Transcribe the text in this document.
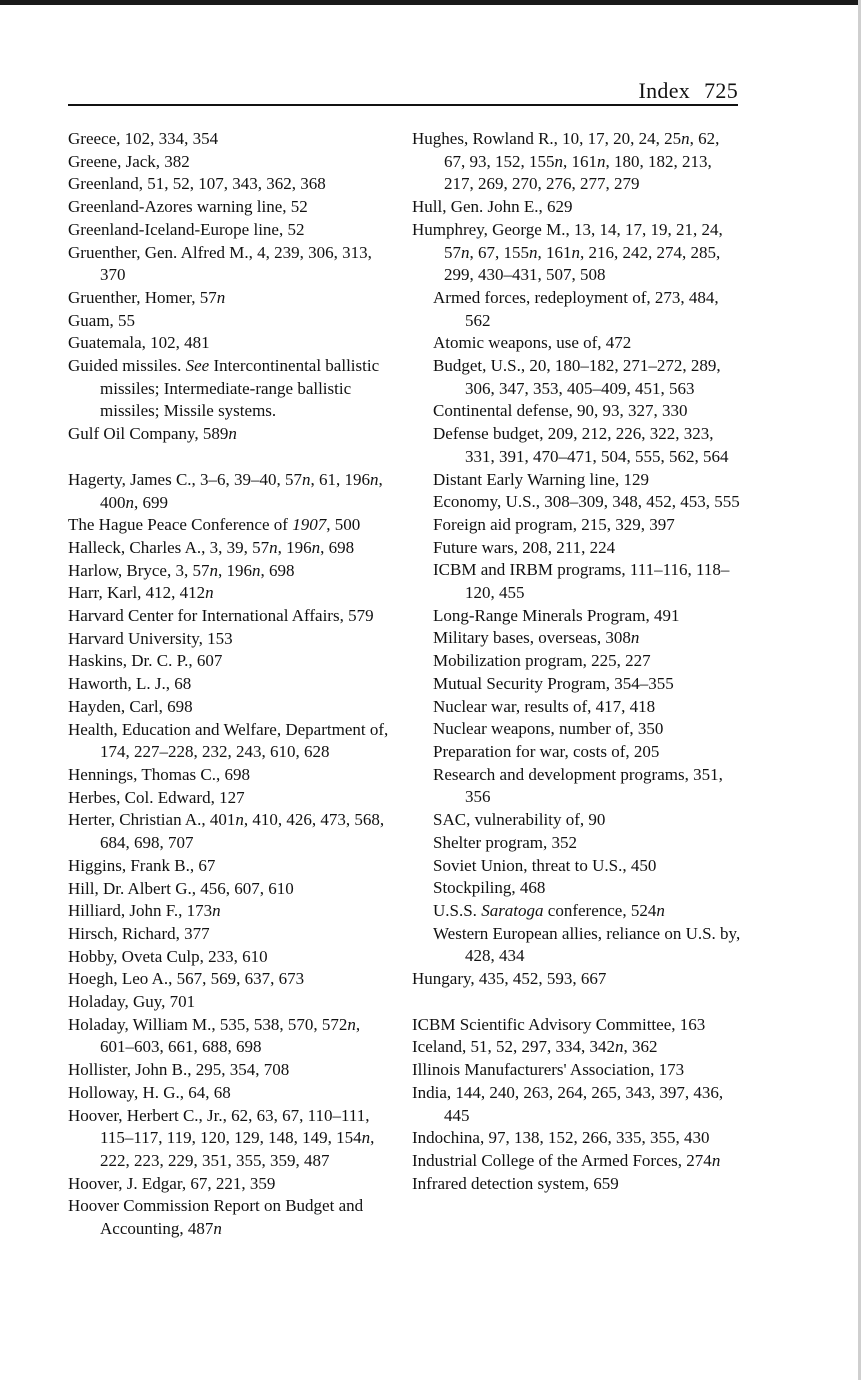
Index 725
Greece, 102, 334, 354
Greene, Jack, 382
Greenland, 51, 52, 107, 343, 362, 368
Greenland-Azores warning line, 52
Greenland-Iceland-Europe line, 52
Gruenther, Gen. Alfred M., 4, 239, 306, 313, 370
Gruenther, Homer, 57n
Guam, 55
Guatemala, 102, 481
Guided missiles. See Intercontinental ballistic missiles; Intermediate-range ballistic missiles; Missile systems.
Gulf Oil Company, 589n
Hagerty, James C., 3–6, 39–40, 57n, 61, 196n, 400n, 699
The Hague Peace Conference of 1907, 500
Halleck, Charles A., 3, 39, 57n, 196n, 698
Harlow, Bryce, 3, 57n, 196n, 698
Harr, Karl, 412, 412n
Harvard Center for International Affairs, 579
Harvard University, 153
Haskins, Dr. C. P., 607
Haworth, L. J., 68
Hayden, Carl, 698
Health, Education and Welfare, Department of, 174, 227–228, 232, 243, 610, 628
Hennings, Thomas C., 698
Herbes, Col. Edward, 127
Herter, Christian A., 401n, 410, 426, 473, 568, 684, 698, 707
Higgins, Frank B., 67
Hill, Dr. Albert G., 456, 607, 610
Hilliard, John F., 173n
Hirsch, Richard, 377
Hobby, Oveta Culp, 233, 610
Hoegh, Leo A., 567, 569, 637, 673
Holaday, Guy, 701
Holaday, William M., 535, 538, 570, 572n, 601–603, 661, 688, 698
Hollister, John B., 295, 354, 708
Holloway, H. G., 64, 68
Hoover, Herbert C., Jr., 62, 63, 67, 110–111, 115–117, 119, 120, 129, 148, 149, 154n, 222, 223, 229, 351, 355, 359, 487
Hoover, J. Edgar, 67, 221, 359
Hoover Commission Report on Budget and Accounting, 487n
Hughes, Rowland R., 10, 17, 20, 24, 25n, 62, 67, 93, 152, 155n, 161n, 180, 182, 213, 217, 269, 270, 276, 277, 279
Hull, Gen. John E., 629
Humphrey, George M., 13, 14, 17, 19, 21, 24, 57n, 67, 155n, 161n, 216, 242, 274, 285, 299, 430–431, 507, 508
Armed forces, redeployment of, 273, 484, 562
Atomic weapons, use of, 472
Budget, U.S., 20, 180–182, 271–272, 289, 306, 347, 353, 405–409, 451, 563
Continental defense, 90, 93, 327, 330
Defense budget, 209, 212, 226, 322, 323, 331, 391, 470–471, 504, 555, 562, 564
Distant Early Warning line, 129
Economy, U.S., 308–309, 348, 452, 453, 555
Foreign aid program, 215, 329, 397
Future wars, 208, 211, 224
ICBM and IRBM programs, 111–116, 118–120, 455
Long-Range Minerals Program, 491
Military bases, overseas, 308n
Mobilization program, 225, 227
Mutual Security Program, 354–355
Nuclear war, results of, 417, 418
Nuclear weapons, number of, 350
Preparation for war, costs of, 205
Research and development programs, 351, 356
SAC, vulnerability of, 90
Shelter program, 352
Soviet Union, threat to U.S., 450
Stockpiling, 468
U.S.S. Saratoga conference, 524n
Western European allies, reliance on U.S. by, 428, 434
Hungary, 435, 452, 593, 667
ICBM Scientific Advisory Committee, 163
Iceland, 51, 52, 297, 334, 342n, 362
Illinois Manufacturers' Association, 173
India, 144, 240, 263, 264, 265, 343, 397, 436, 445
Indochina, 97, 138, 152, 266, 335, 355, 430
Industrial College of the Armed Forces, 274n
Infrared detection system, 659
